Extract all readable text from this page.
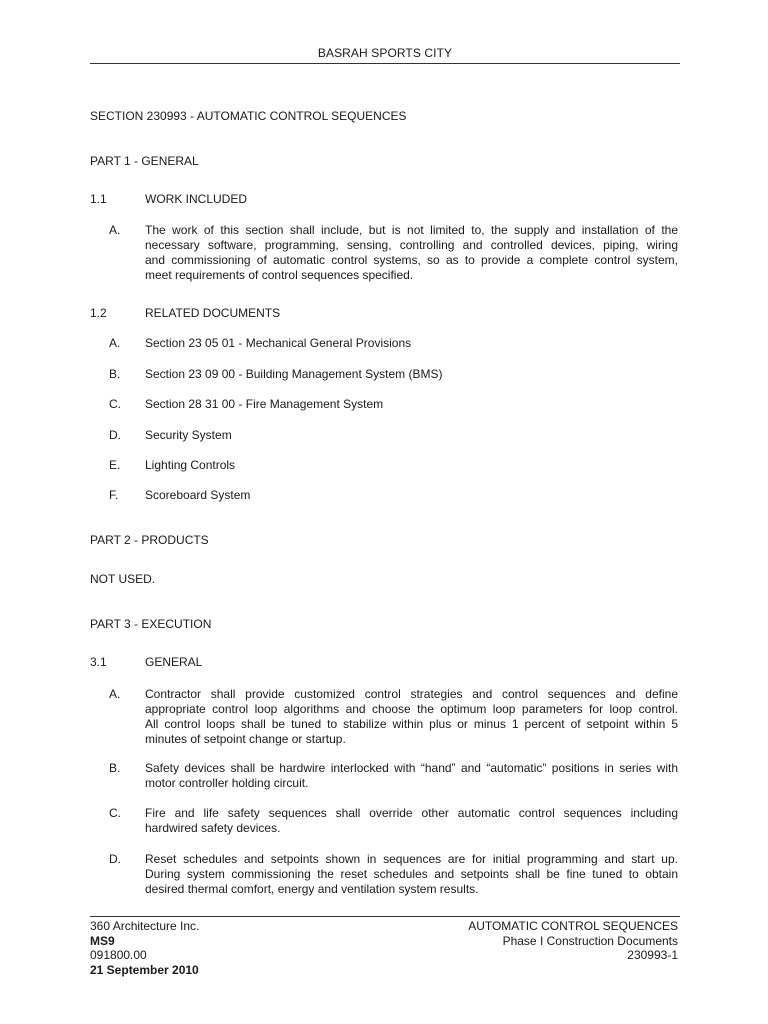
BASRAH SPORTS CITY
SECTION 230993 - AUTOMATIC CONTROL SEQUENCES
PART 1 - GENERAL
1.1	WORK INCLUDED
A. The work of this section shall include, but is not limited to, the supply and installation of the
necessary software, programming, sensing, controlling and controlled devices, piping, wiring
and commissioning of automatic control systems, so as to provide a complete control system,
meet requirements of control sequences specified.
1.2	RELATED DOCUMENTS
A. Section 23 05 01 - Mechanical General Provisions
B. Section 23 09 00 - Building Management System (BMS)
C. Section 28 31 00 - Fire Management System
D. Security System
E. Lighting Controls
F. Scoreboard System
PART 2 - PRODUCTS
NOT USED.
PART 3 - EXECUTION
3.1	GENERAL
A. Contractor shall provide customized control strategies and control sequences and define
appropriate control loop algorithms and choose the optimum loop parameters for loop control.
All control loops shall be tuned to stabilize within plus or minus 1 percent of setpoint within 5
minutes of setpoint change or startup.
B. Safety devices shall be hardwire interlocked with “hand” and “automatic” positions in series with
motor controller holding circuit.
C. Fire and life safety sequences shall override other automatic control sequences including
hardwired safety devices.
D. Reset schedules and setpoints shown in sequences are for initial programming and start up.
During system commissioning the reset schedules and setpoints shall be fine tuned to obtain
desired thermal comfort, energy and ventilation system results.
360 Architecture Inc.
MS9
091800.00
21 September 2010
AUTOMATIC CONTROL SEQUENCES
Phase I Construction Documents
230993-1
